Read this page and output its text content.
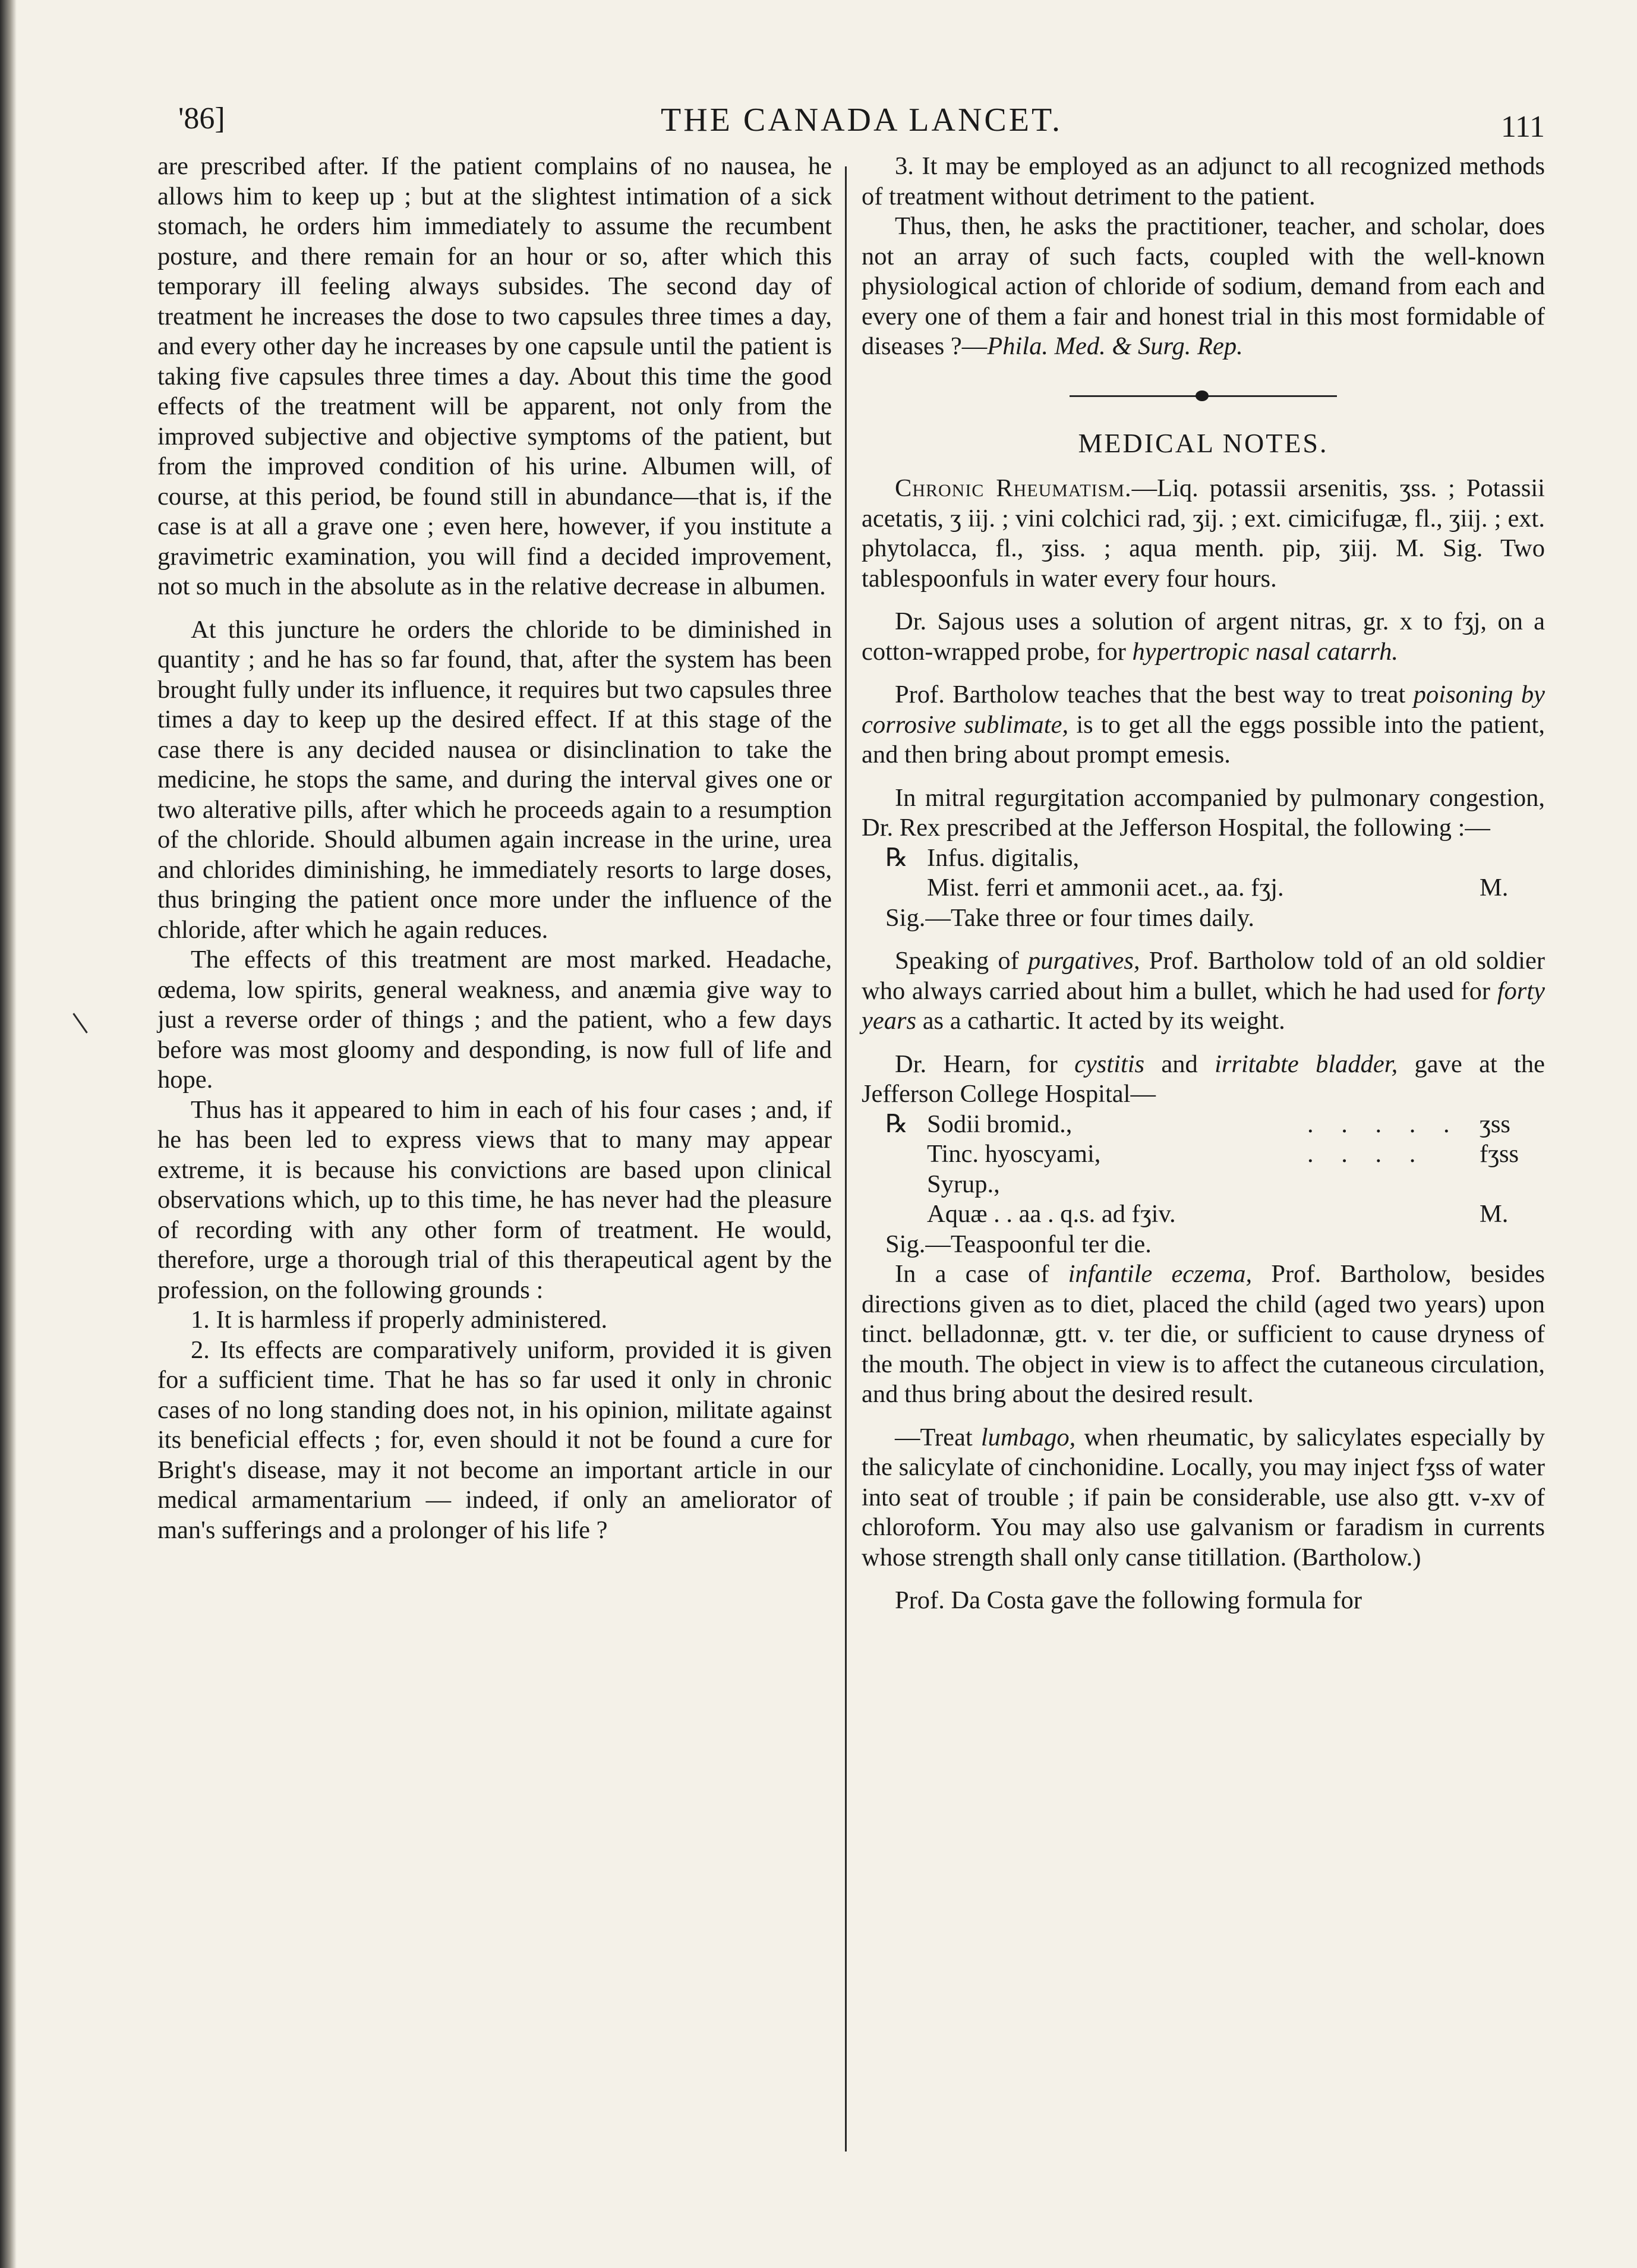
'86]	THE CANADA LANCET.	111

are prescribed after. If the patient complains of no nausea, he allows him to keep up ; but at the slightest intimation of a sick stomach, he orders him immediately to assume the recumbent posture, and there remain for an hour or so, after which this temporary ill feeling always subsides. The second day of treatment he increases the dose to two capsules three times a day, and every other day he increases by one capsule until the patient is taking five capsules three times a day. About this time the good effects of the treatment will be apparent, not only from the improved subjective and objective symptoms of the patient, but from the improved condition of his urine. Albumen will, of course, at this period, be found still in abundance—that is, if the case is at all a grave one ; even here, however, if you institute a gravimetric examination, you will find a decided improvement, not so much in the absolute as in the relative decrease in albumen.

At this juncture he orders the chloride to be diminished in quantity ; and he has so far found, that, after the system has been brought fully under its influence, it requires but two capsules three times a day to keep up the desired effect. If at this stage of the case there is any decided nausea or disinclination to take the medicine, he stops the same, and during the interval gives one or two alterative pills, after which he proceeds again to a resumption of the chloride. Should albumen again increase in the urine, urea and chlorides diminishing, he immediately resorts to large doses, thus bringing the patient once more under the influence of the chloride, after which he again reduces.

The effects of this treatment are most marked. Headache, œdema, low spirits, general weakness, and anæmia give way to just a reverse order of things ; and the patient, who a few days before was most gloomy and desponding, is now full of life and hope.

Thus has it appeared to him in each of his four cases ; and, if he has been led to express views that to many may appear extreme, it is because his convictions are based upon clinical observations which, up to this time, he has never had the pleasure of recording with any other form of treatment. He would, therefore, urge a thorough trial of this therapeutical agent by the profession, on the following grounds :

1. It is harmless if properly administered.

2. Its effects are comparatively uniform, provided it is given for a sufficient time. That he has so far used it only in chronic cases of no long standing does not, in his opinion, militate against its beneficial effects ; for, even should it not be found a cure for Bright's disease, may it not become an important article in our medical armamentarium — indeed, if only an ameliorator of man's sufferings and a prolonger of his life ?

3. It may be employed as an adjunct to all recognized methods of treatment without detriment to the patient.

Thus, then, he asks the practitioner, teacher, and scholar, does not an array of such facts, coupled with the well-known physiological action of chloride of sodium, demand from each and every one of them a fair and honest trial in this most formidable of diseases ?—Phila. Med. & Surg. Rep.

MEDICAL NOTES.

Chronic Rheumatism.—Liq. potassii arsenitis, ʒss. ; Potassii acetatis, ʒ iij. ; vini colchici rad, ʒij. ; ext. cimicifugæ, fl., ʒiij. ; ext. phytolacca, fl., ʒiss. ; aqua menth. pip, ʒiij. M. Sig. Two tablespoonfuls in water every four hours.

Dr. Sajous uses a solution of argent nitras, gr. x to fʒj, on a cotton-wrapped probe, for hypertropic nasal catarrh.

Prof. Bartholow teaches that the best way to treat poisoning by corrosive sublimate, is to get all the eggs possible into the patient, and then bring about prompt emesis.

In mitral regurgitation accompanied by pulmonary congestion, Dr. Rex prescribed at the Jefferson Hospital, the following :—

℞ Infus. digitalis,
Mist. ferri et ammonii acet., aa. fʒj.	M.
Sig.—Take three or four times daily.

Speaking of purgatives, Prof. Bartholow told of an old soldier who always carried about him a bullet, which he had used for forty years as a cathartic. It acted by its weight.

Dr. Hearn, for cystitis and irritabte bladder, gave at the Jefferson College Hospital—

℞ Sodii bromid.,	. . . . . ʒss
Tinc. hyoscyami,	. . . .	fʒss
Syrup.,
Aquæ . . aa . q.s. ad fʒiv.	M.
Sig.—Teaspoonful ter die.

In a case of infantile eczema, Prof. Bartholow, besides directions given as to diet, placed the child (aged two years) upon tinct. belladonnæ, gtt. v. ter die, or sufficient to cause dryness of the mouth. The object in view is to affect the cutaneous circulation, and thus bring about the desired result.

—Treat lumbago, when rheumatic, by salicylates especially by the salicylate of cinchonidine. Locally, you may inject fʒss of water into seat of trouble ; if pain be considerable, use also gtt. v-xv of chloroform. You may also use galvanism or faradism in currents whose strength shall only canse titillation. (Bartholow.)

Prof. Da Costa gave the following formula for
